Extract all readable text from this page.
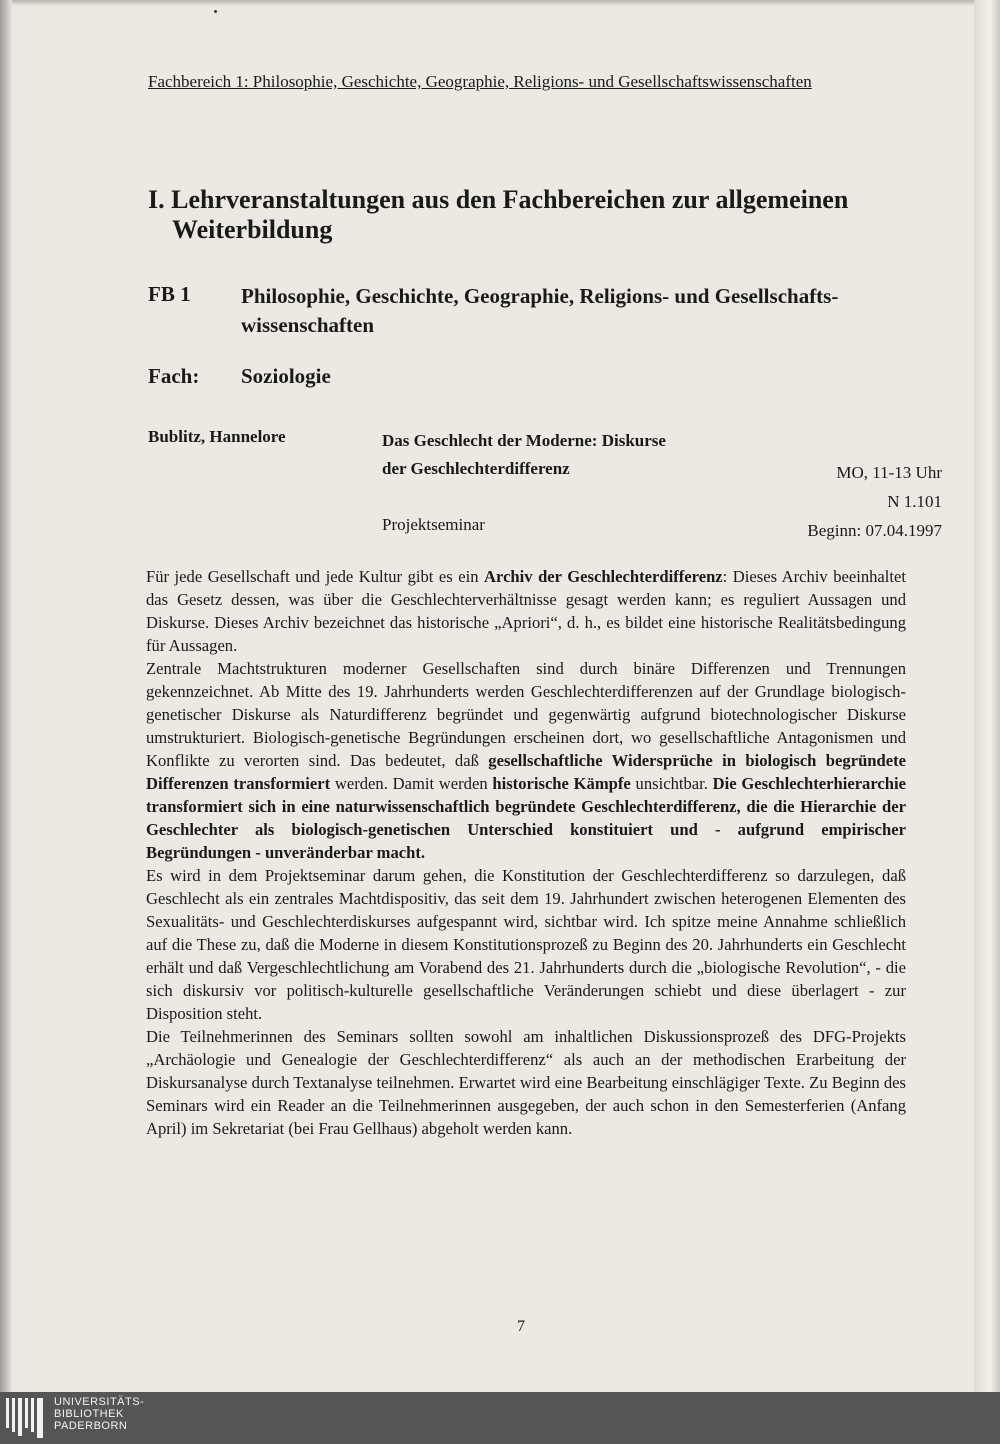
Fachbereich 1: Philosophie, Geschichte, Geographie, Religions- und Gesellschaftswissenschaften
I. Lehrveranstaltungen aus den Fachbereichen zur allgemeinen
Weiterbildung
FB 1 Philosophie, Geschichte, Geographie, Religions- und Gesellschafts-
wissenschaften
Fach: Soziologie
Bublitz, Hannelore	Das Geschlecht der Moderne: Diskurse
der Geschlechterdifferenz
Projektseminar
MO, 11-13 Uhr
N 1.101
Beginn: 07.04.1997

Für jede Gesellschaft und jede Kultur gibt es ein Archiv der Geschlechterdifferenz: Dieses Archiv beeinhaltet das Gesetz dessen, was über die Geschlechterverhältnisse gesagt werden kann; es reguliert Aussagen und Diskurse. Dieses Archiv bezeichnet das historische „Apriori“, d. h., es bildet eine historische Realitätsbedingung für Aussagen.

Zentrale Machtstrukturen moderner Gesellschaften sind durch binäre Differenzen und Trennungen gekennzeichnet. Ab Mitte des 19. Jahrhunderts werden Geschlechterdifferenzen auf der Grundlage biologisch-genetischer Diskurse als Naturdifferenz begründet und gegenwärtig aufgrund biotechnologischer Diskurse umstrukturiert. Biologisch-genetische Begründungen erscheinen dort, wo gesellschaftliche Antagonismen und Konflikte zu verorten sind. Das bedeutet, daß gesellschaftliche Widersprüche in biologisch begründete Differenzen transformiert werden. Damit werden historische Kämpfe unsichtbar. Die Geschlechterhierarchie transformiert sich in eine naturwissenschaftlich begründete Geschlechterdifferenz, die die Hierarchie der Geschlechter als biologisch-genetischen Unterschied konstituiert und - aufgrund empirischer Begründungen - unveränderbar macht.

Es wird in dem Projektseminar darum gehen, die Konstitution der Geschlechterdifferenz so darzulegen, daß Geschlecht als ein zentrales Machtdispositiv, das seit dem 19. Jahrhundert zwischen heterogenen Elementen des Sexualitäts- und Geschlechterdiskurses aufgespannt wird, sichtbar wird. Ich spitze meine Annahme schließlich auf die These zu, daß die Moderne in diesem Konstitutionsprozeß zu Beginn des 20. Jahrhunderts ein Geschlecht erhält und daß Vergeschlechtlichung am Vorabend des 21. Jahrhunderts durch die „biologische Revolution“, - die sich diskursiv vor politisch-kulturelle gesellschaftliche Veränderungen schiebt und diese überlagert - zur Disposition steht.

Die Teilnehmerinnen des Seminars sollten sowohl am inhaltlichen Diskussionsprozeß des DFG-Projekts „Archäologie und Genealogie der Geschlechterdifferenz“ als auch an der methodischen Erarbeitung der Diskursanalyse durch Textanalyse teilnehmen. Erwartet wird eine Bearbeitung einschlägiger Texte. Zu Beginn des Seminars wird ein Reader an die Teilnehmerinnen ausgegeben, der auch schon in den Semesterferien (Anfang April) im Sekretariat (bei Frau Gellhaus) abgeholt werden kann.

7
UNIVERSITÄTS-
BIBLIOTHEK
PADERBORN
